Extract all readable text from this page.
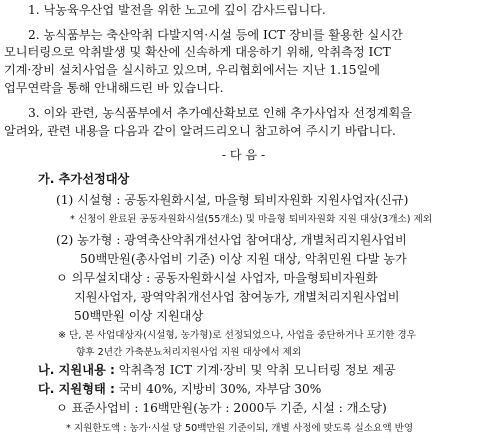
1. 낙농육우산업 발전을 위한 노고에 깊이 감사드립니다.
2. 농식품부는 축산악취 다발지역·시설 등에 ICT 장비를 활용한 실시간
모니터링으로 악취발생 및 확산에 신속하게 대응하기 위해, 악취측정 ICT
기계·장비 설치사업을 실시하고 있으며, 우리협회에서는 지난 1.15일에
업무연락을 통해 안내해드린 바 있습니다.
3. 이와 관련, 농식품부에서 추가예산확보로 인해 추가사업자 선정계획을
알려와, 관련 내용을 다음과 같이 알려드리오니 참고하여 주시기 바랍니다.
- 다 음 -
가. 추가선정대상
(1) 시설형 : 공동자원화시설, 마을형 퇴비자원화 지원사업자(신규)
* 신청이 완료된 공동자원화시설(55개소) 및 마을형 퇴비자원화 지원 대상(3개소) 제외
(2) 농가형 : 광역축산악취개선사업 참여대상, 개별처리지원사업비
50백만원(총사업비 기준) 이상 지원 대상, 악취민원 다발 농가
ㅇ 의무설치대상 : 공동자원화시설 사업자, 마을형퇴비자원화
지원사업자, 광역악취개선사업 참여농가, 개별처리지원사업비
50백만원 이상 지원대상
※ 단, 본 사업대상자(시설형, 농가형)로 선정되었으나, 사업을 중단하거나 포기한 경우
향후 2년간 가축분뇨처리지원사업 지원 대상에서 제외
나. 지원내용 : 악취측정 ICT 기계·장비 및 악취 모니터링 정보 제공
다. 지원형태 : 국비 40%, 지방비 30%, 자부담 30%
ㅇ 표준사업비 : 16백만원(농가 : 2000두 기준, 시설 : 개소당)
* 지원한도액 : 농가·시설 당 50백만원 기준이되, 개별 사정에 맞도록 실소요액 반영
